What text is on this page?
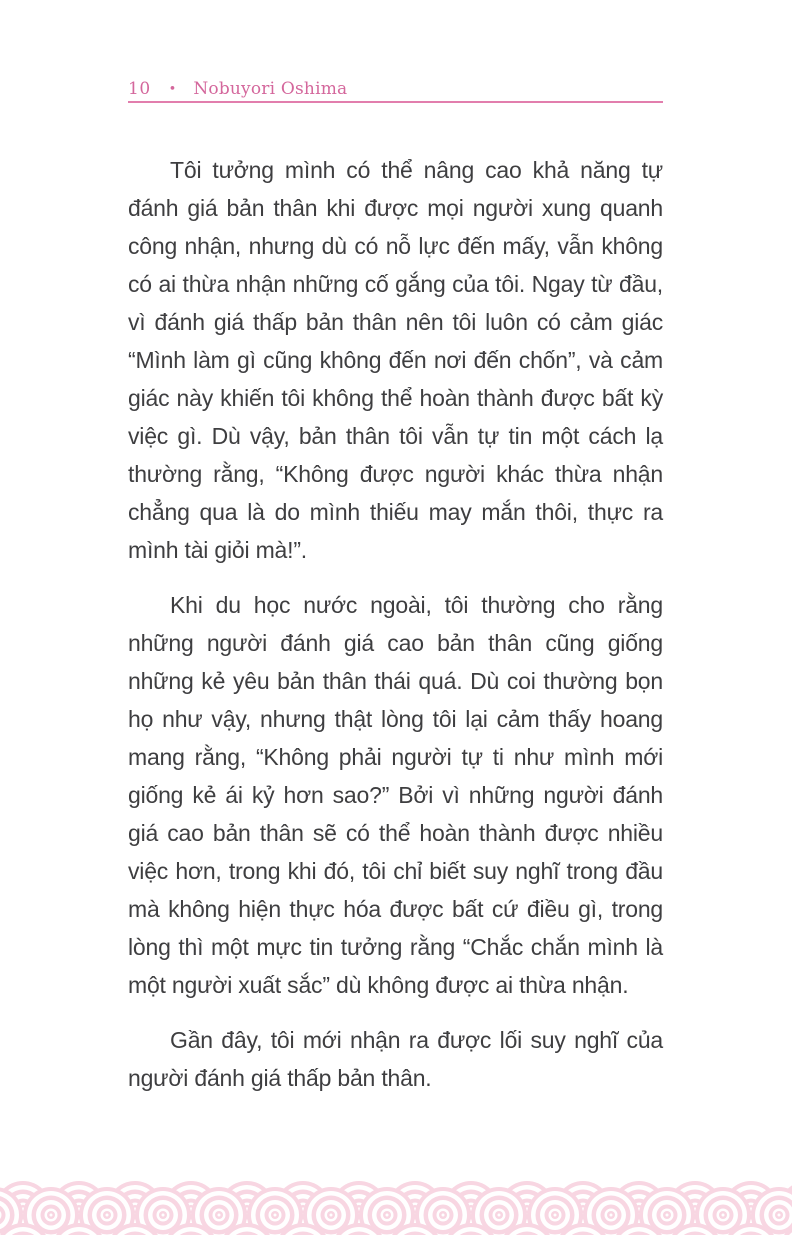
10 • Nobuyori Oshima

Tôi tưởng mình có thể nâng cao khả năng tự đánh giá bản thân khi được mọi người xung quanh công nhận, nhưng dù có nỗ lực đến mấy, vẫn không có ai thừa nhận những cố gắng của tôi. Ngay từ đầu, vì đánh giá thấp bản thân nên tôi luôn có cảm giác “Mình làm gì cũng không đến nơi đến chốn”, và cảm giác này khiến tôi không thể hoàn thành được bất kỳ việc gì. Dù vậy, bản thân tôi vẫn tự tin một cách lạ thường rằng, “Không được người khác thừa nhận chẳng qua là do mình thiếu may mắn thôi, thực ra mình tài giỏi mà!”.

Khi du học nước ngoài, tôi thường cho rằng những người đánh giá cao bản thân cũng giống những kẻ yêu bản thân thái quá. Dù coi thường bọn họ như vậy, nhưng thật lòng tôi lại cảm thấy hoang mang rằng, “Không phải người tự ti như mình mới giống kẻ ái kỷ hơn sao?” Bởi vì những người đánh giá cao bản thân sẽ có thể hoàn thành được nhiều việc hơn, trong khi đó, tôi chỉ biết suy nghĩ trong đầu mà không hiện thực hóa được bất cứ điều gì, trong lòng thì một mực tin tưởng rằng “Chắc chắn mình là một người xuất sắc” dù không được ai thừa nhận.

Gần đây, tôi mới nhận ra được lối suy nghĩ của người đánh giá thấp bản thân.
